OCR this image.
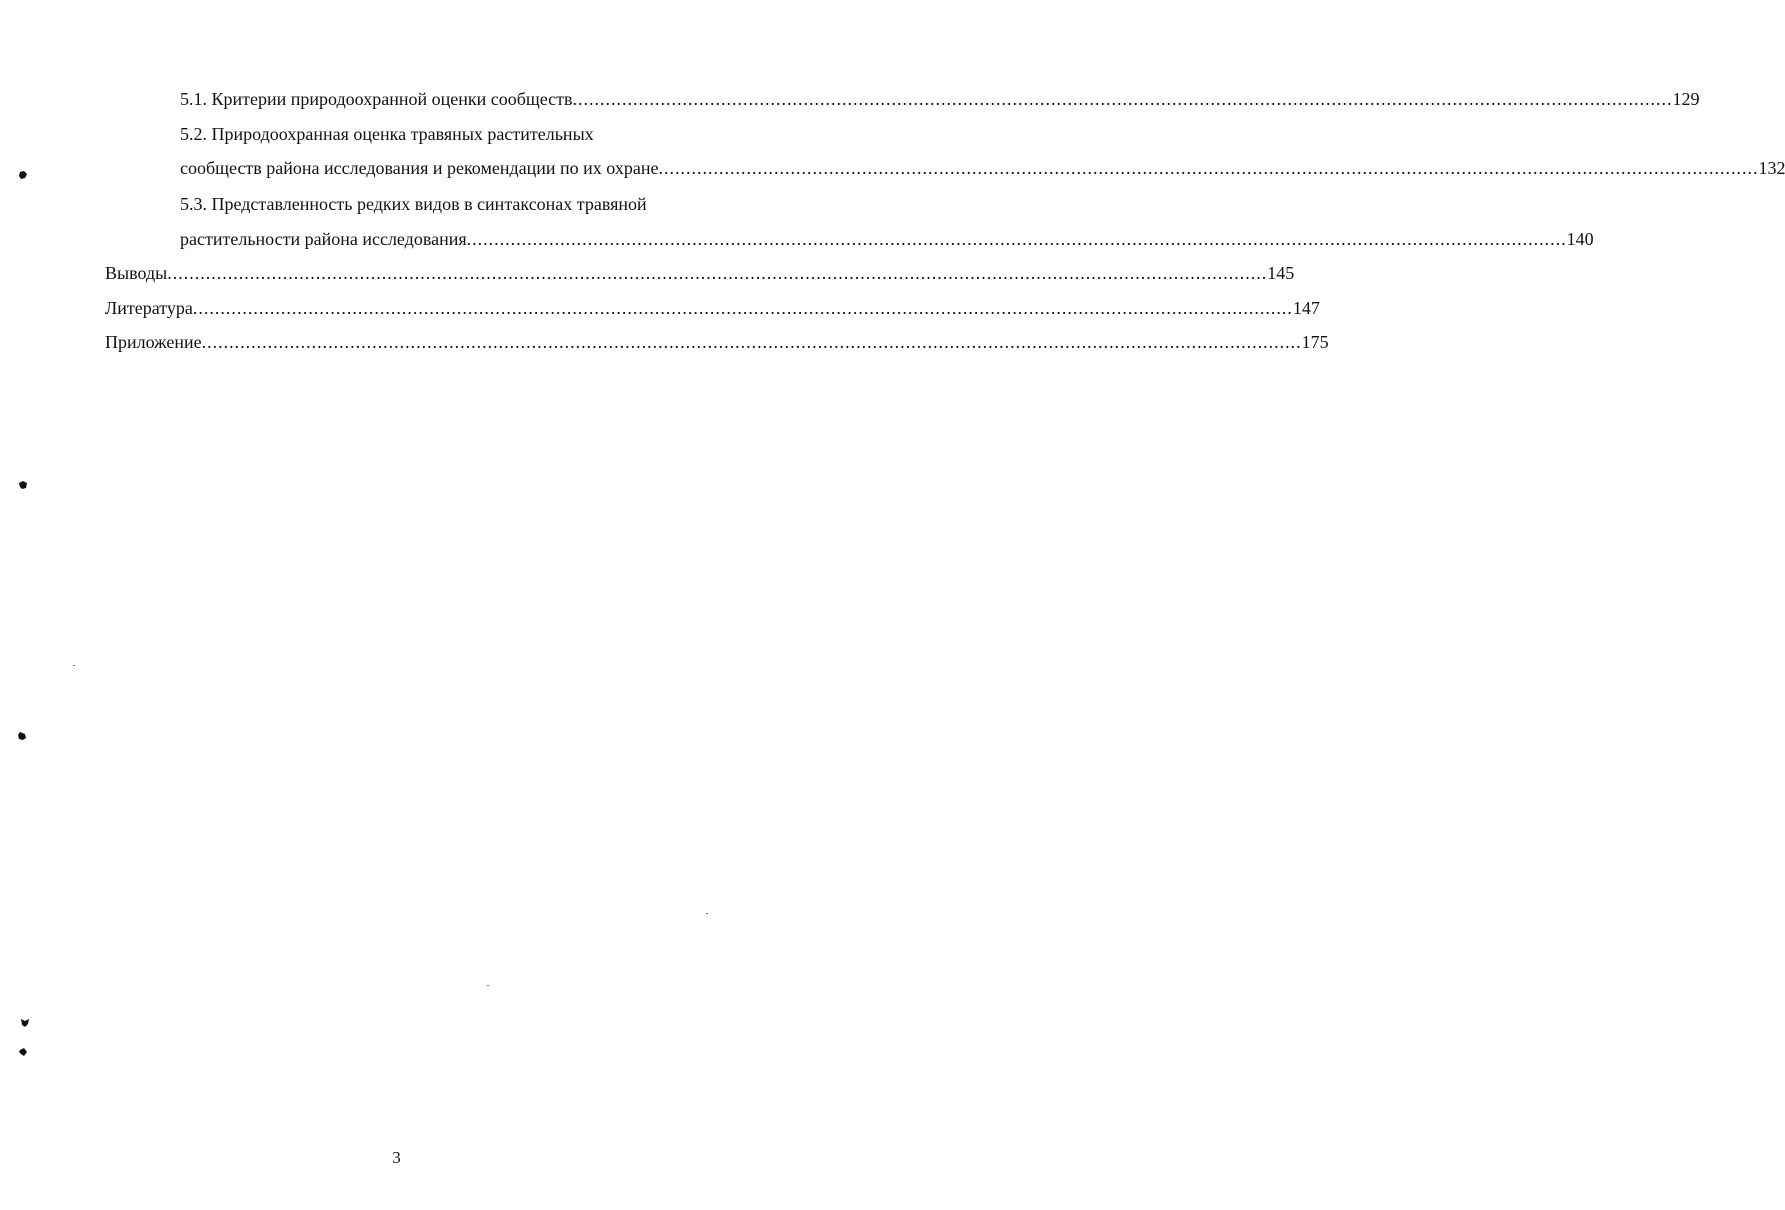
5.1. Критерии природоохранной оценки сообществ ........................................................................................................................................................................................................ 129
5.2. Природоохранная оценка травяных растительных
сообществ района исследования и рекомендации по их охране ........................................................................................................................................................................................................ 132
5.3. Представленность редких видов в синтаксонах травяной
растительности района исследования ........................................................................................................................................................................................................ 140
Выводы ........................................................................................................................................................................................................ 145
Литература ........................................................................................................................................................................................................ 147
Приложение ........................................................................................................................................................................................................ 175
3
